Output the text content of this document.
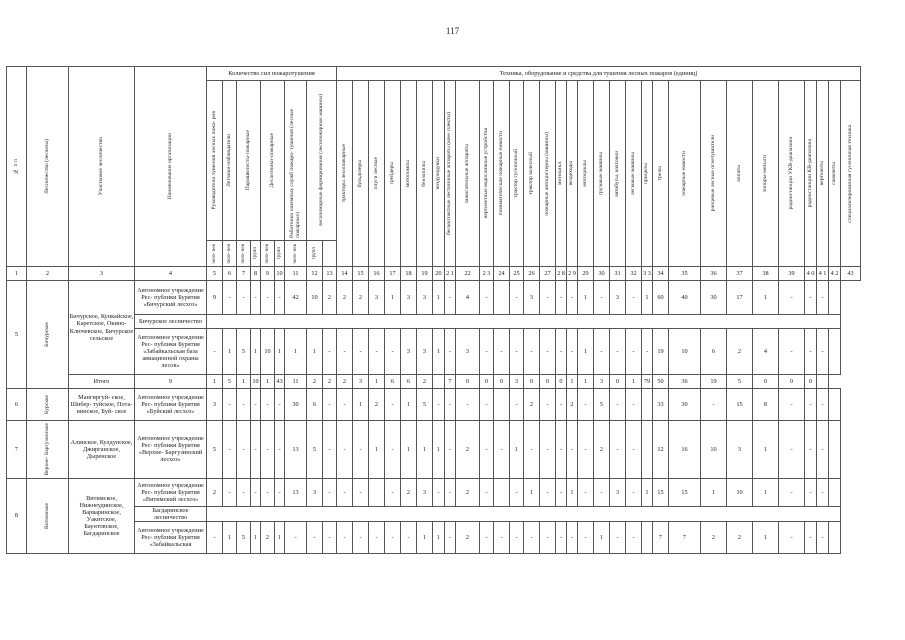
117
№ п п	Лесничество (лесхозы)	Участковое лесничество	Наименование организации	Количество сил пожаротушения									Техника, оборудование и средства для тушения лесных пожаров (единиц)																														

				Руководители тушения лесных пожа- ров	Летчики-наблюдатели	Парашютисты-пожарные		Десантники-пожарные		Работники наземных служб пожаро- тушения (лесные пожарные)	лесопожарные формирования (лесопожарные машины)		тракторы лесопожарные	бульдозеры	плуги лесные	грейдеры	мотопомпы	бензопилы	воздуходувки	бесконтактные лестничные аппараты (ком- плекты)	зажигательные аппараты	вертолетные водосливные устройства	пневматические пожарные емкости	трактор гусеничный	трактор колесный	пожарные автоцистерны (машины)	мотоцикл	вездеходы	мотоциклы	грузовые машины	автобусы, вахтовки	легковые машины	прицепы	трелы	пожарные емкости	ранцевые лесные огнетушители	лопаты	топоры-мотыги	радиостанции УКВ-диапазона	радиостанции КВ-диапазона	вертолеты	самолеты	специализированная гусеничная техника

				чело- век	чело- век	чело- век	групп	чело- век	групп	чело- век	групп																																

1	2	3	4	5	6	7	8	9	10	11	12	13	14	15	16	17	18	19	20	2 1	22	2 3	24	25	26	27	2 8	2 9	29	30	31	32	3 3	34	35	36	37	38	39	4 0	4 1	4 2	43
5	Бичурское	Бичурское, Кункайское, Каретское, Окино- Ключевское, Бичурское сельское	Автономное учреждение Рес- публики Бурятия «Бичурский лесхоз»	9	-	-	-	-	-	42	10	2	2	2	3	1	3	3	1	-	4	-		-	3	-	-	-	1	-	3	-	1	60	40	30	17	1	-	-	-		
			Бичурское лесничество																																								
			Автономное учреждение Рес- публики Бурятия «Забайкальская база авиационной охраны лесов»	-	1	5	1	10	1	1	1	-	-	-	-	-	3	3	1	-	3	-	-	-	-	-	-	-	1	-	-	-	-	19	10	6	2	4	-	-	-		
		Итого	9	1	5	1	10	1	43	11	2	2	2	3	1	6	6	2		7	0	0	0	3	0	0	0	1	1	3	0	1	79	50	36	19	5	0	0	0			
6	Бурское	Мангиргуй- ское, Шибер- туйское, Пота- нинское, Буй- ское	Автономное учреждение Рес- публики Бурятия «Буйский лесхоз»	3	-	-	-	-	-	30	6	-	-	1	2	-	1	5	-	-	-	-		-	2	-	-	2	-	5	-	-		33	30	-	15	8	-	-	-		
7	Верхне- Баргузинское	Алинское, Кулдунское, Джирганское, Дыренское	Автономное учреждение Рес- публики Бурятия «Верхне- Баргузинский лесхоз»	5	-	-	-	-	-	13	5	-	-	-	1	-	1	1	1	-	2	-	-	1	-	-	-	-	-	2	-	-		12	16	10	3	1	-	-	-		
8	Витимское	Витимское, Нижнеудинское, Варваринское, Уакитское, Баунтовское, Багдаринское	Автономное учреждение Рес- публики Бурятия «Витимский лесхоз»	2	-	-	-	-	-	13	3	-	-	-		-	2	3	-	-	2	-		-	1	-	-	1	-	-	3	-	1	15	15	1	10	1	-	-	-		
			Багдаринское лесничество																																								
			Автономное учреждение Рес- публики Бурятия «Забайкальская	-	1	5	1	2	1	-	-	-	-	-	-	-	-	1	1	-	2	-	-	-	-	-	-	-	-	1	-	-		7	7	2	2	1	-	-	-		
